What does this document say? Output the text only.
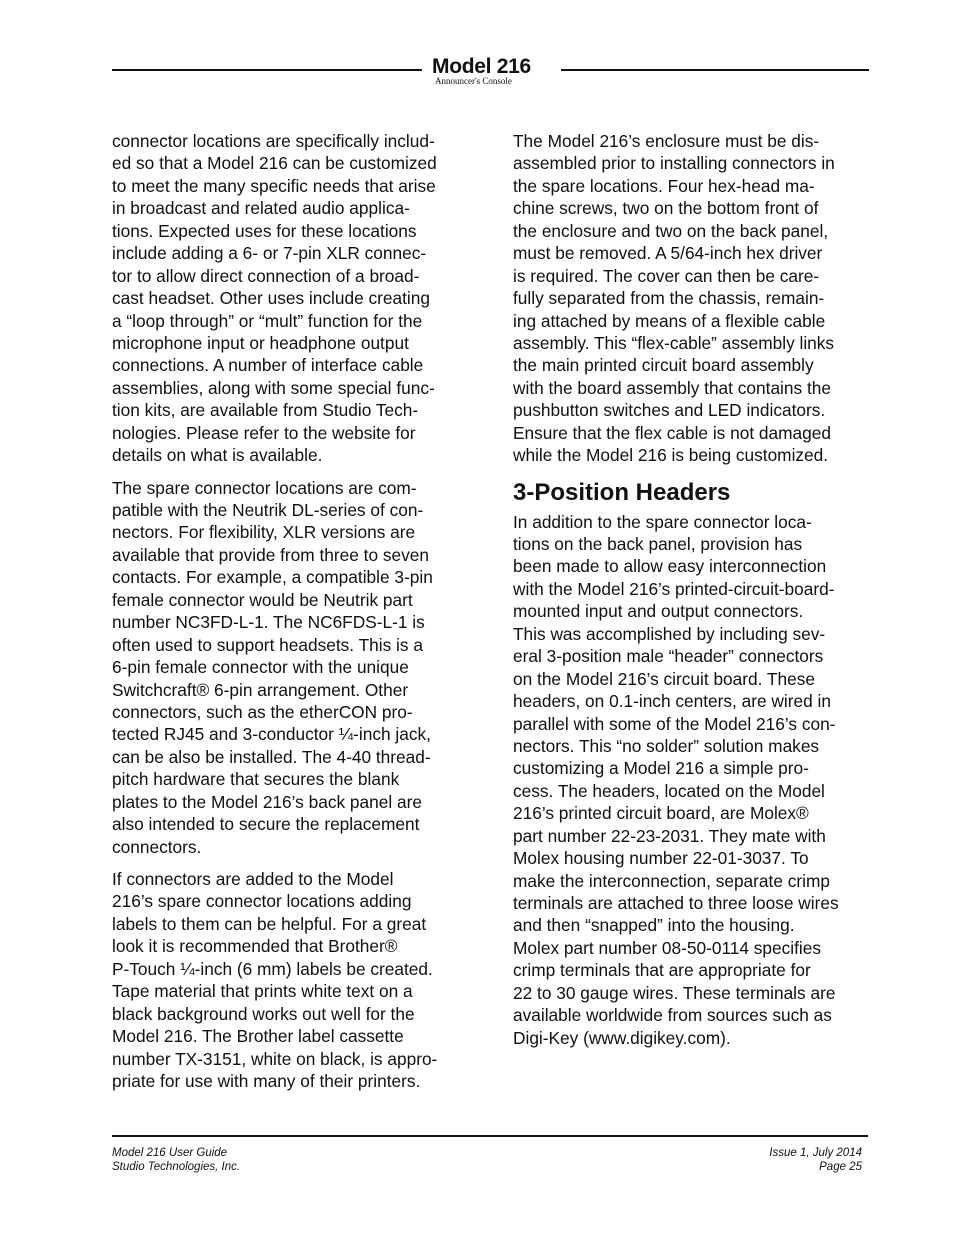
Model 216
Announcer's Console

connector locations are specifically includ-
ed so that a Model 216 can be customized
to meet the many specific needs that arise
in broadcast and related audio applica-
tions. Expected uses for these locations
include adding a 6- or 7-pin XLR connec-
tor to allow direct connection of a broad-
cast headset. Other uses include creating
a “loop through” or “mult” function for the
microphone input or headphone output
connections. A number of interface cable
assemblies, along with some special func-
tion kits, are available from Studio Tech-
nologies. Please refer to the website for
details on what is available.

The spare connector locations are com-
patible with the Neutrik DL-series of con-
nectors. For flexibility, XLR versions are
available that provide from three to seven
contacts. For example, a compatible 3-pin
female connector would be Neutrik part
number NC3FD-L-1. The NC6FDS-L-1 is
often used to support headsets. This is a
6-pin female connector with the unique
Switchcraft® 6-pin arrangement. Other
connectors, such as the etherCON pro-
tected RJ45 and 3-conductor ¼-inch jack,
can be also be installed. The 4-40 thread-
pitch hardware that secures the blank
plates to the Model 216’s back panel are
also intended to secure the replacement
connectors.

If connectors are added to the Model
216’s spare connector locations adding
labels to them can be helpful. For a great
look it is recommended that Brother®
P-Touch ¼-inch (6 mm) labels be created.
Tape material that prints white text on a
black background works out well for the
Model 216. The Brother label cassette
number TX-3151, white on black, is appro-
priate for use with many of their printers.

The Model 216’s enclosure must be dis-
assembled prior to installing connectors in
the spare locations. Four hex-head ma-
chine screws, two on the bottom front of
the enclosure and two on the back panel,
must be removed. A 5/64-inch hex driver
is required. The cover can then be care-
fully separated from the chassis, remain-
ing attached by means of a flexible cable
assembly. This “flex-cable” assembly links
the main printed circuit board assembly
with the board assembly that contains the
pushbutton switches and LED indicators.
Ensure that the flex cable is not damaged
while the Model 216 is being customized.

3-Position Headers

In addition to the spare connector loca-
tions on the back panel, provision has
been made to allow easy interconnection
with the Model 216’s printed-circuit-board-
mounted input and output connectors.
This was accomplished by including sev-
eral 3-position male “header” connectors
on the Model 216’s circuit board. These
headers, on 0.1-inch centers, are wired in
parallel with some of the Model 216’s con-
nectors. This “no solder” solution makes
customizing a Model 216 a simple pro-
cess. The headers, located on the Model
216’s printed circuit board, are Molex®
part number 22-23-2031. They mate with
Molex housing number 22-01-3037. To
make the interconnection, separate crimp
terminals are attached to three loose wires
and then “snapped” into the housing.
Molex part number 08-50-0114 specifies
crimp terminals that are appropriate for
22 to 30 gauge wires. These terminals are
available worldwide from sources such as
Digi-Key (www.digikey.com).

Model 216 User Guide
Studio Technologies, Inc.
Issue 1, July 2014
Page 25
